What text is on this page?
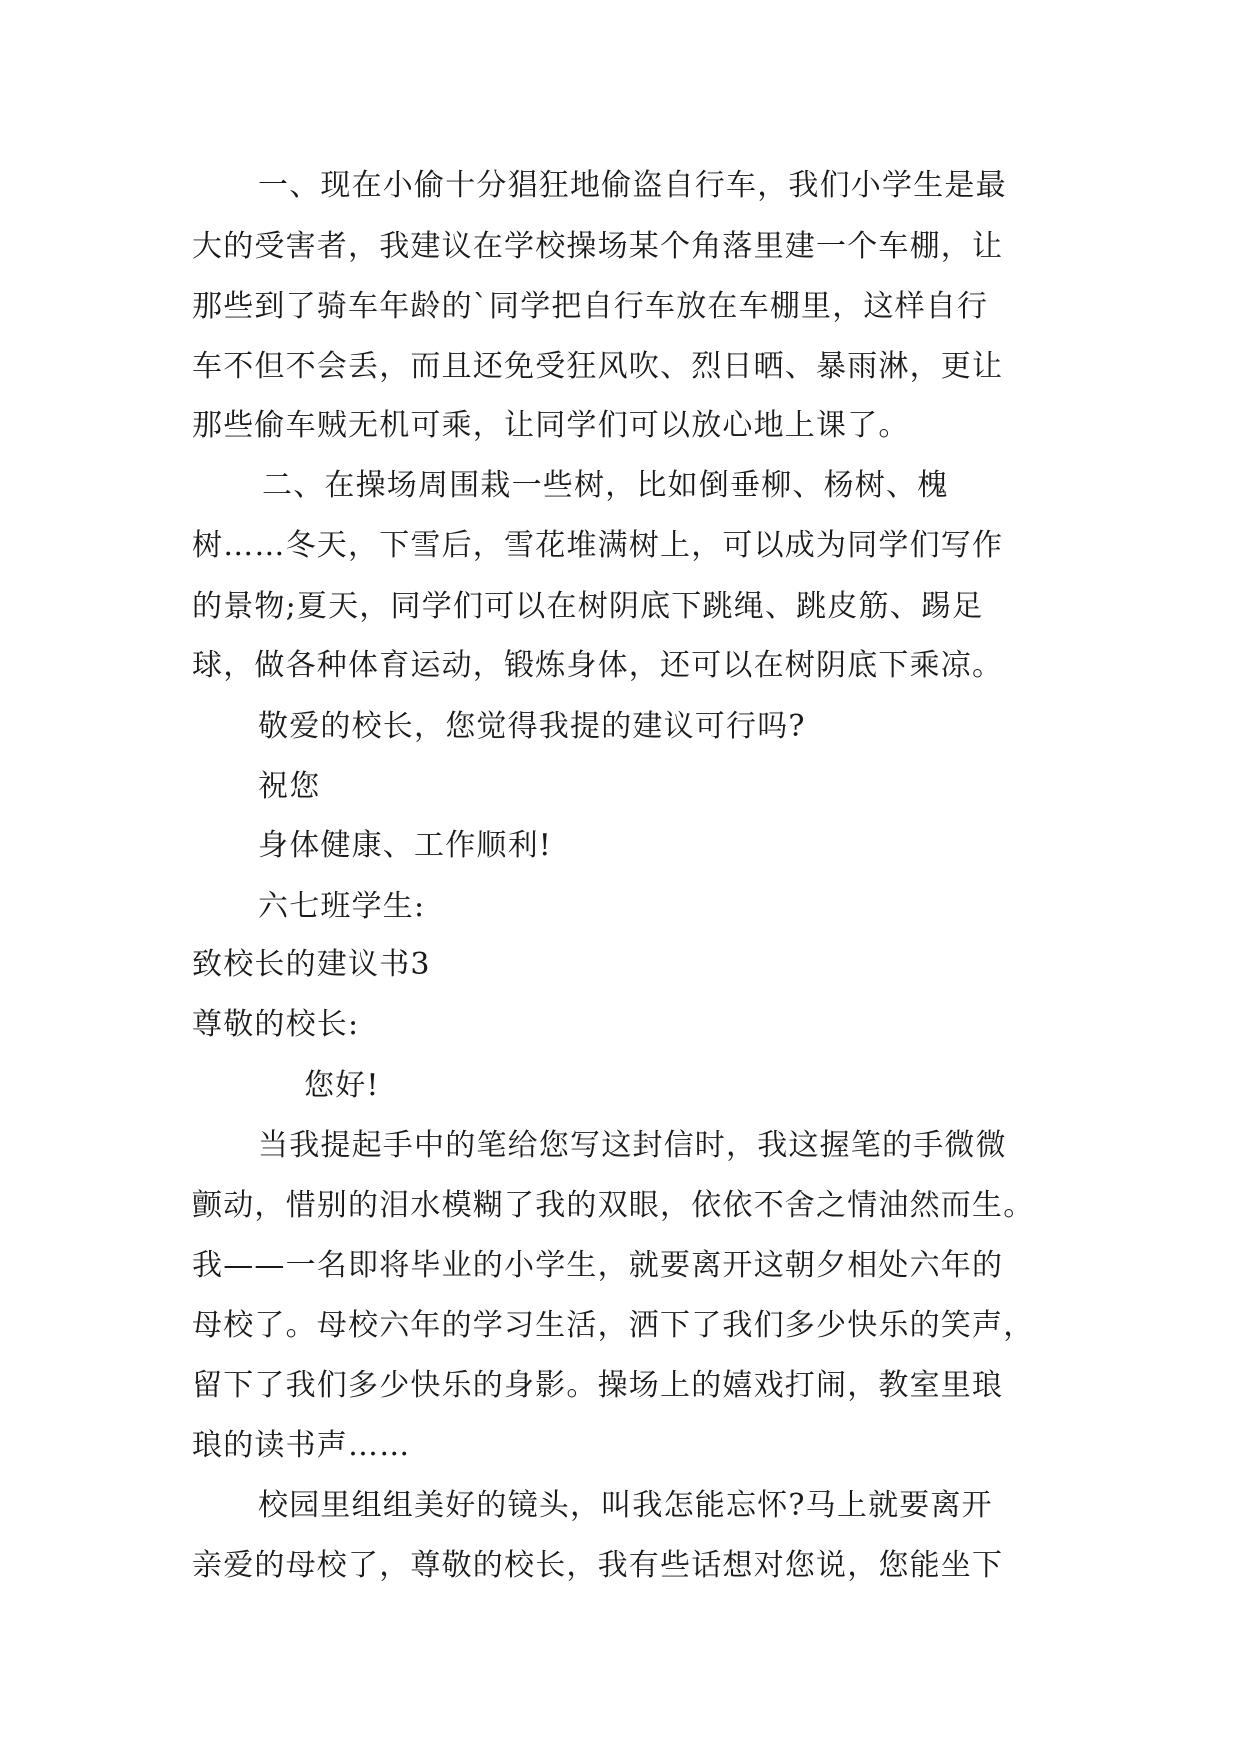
一、现在小偷十分猖狂地偷盗自行车，我们小学生是最
大的受害者，我建议在学校操场某个角落里建一个车棚，让
那些到了骑车年龄的`同学把自行车放在车棚里，这样自行
车不但不会丢，而且还免受狂风吹、烈日晒、暴雨淋，更让
那些偷车贼无机可乘，让同学们可以放心地上课了。
二、在操场周围栽一些树，比如倒垂柳、杨树、槐
树……冬天，下雪后，雪花堆满树上，可以成为同学们写作
的景物;夏天，同学们可以在树阴底下跳绳、跳皮筋、踢足
球，做各种体育运动，锻炼身体，还可以在树阴底下乘凉。
敬爱的校长，您觉得我提的建议可行吗?
祝您
身体健康、工作顺利!
六七班学生:
致校长的建议书3
尊敬的校长:
您好!
当我提起手中的笔给您写这封信时，我这握笔的手微微
颤动，惜别的泪水模糊了我的双眼，依依不舍之情油然而生。
我——一名即将毕业的小学生，就要离开这朝夕相处六年的
母校了。母校六年的学习生活，洒下了我们多少快乐的笑声，
留下了我们多少快乐的身影。操场上的嬉戏打闹，教室里琅
琅的读书声……
校园里组组美好的镜头，叫我怎能忘怀?马上就要离开
亲爱的母校了，尊敬的校长，我有些话想对您说，您能坐下
